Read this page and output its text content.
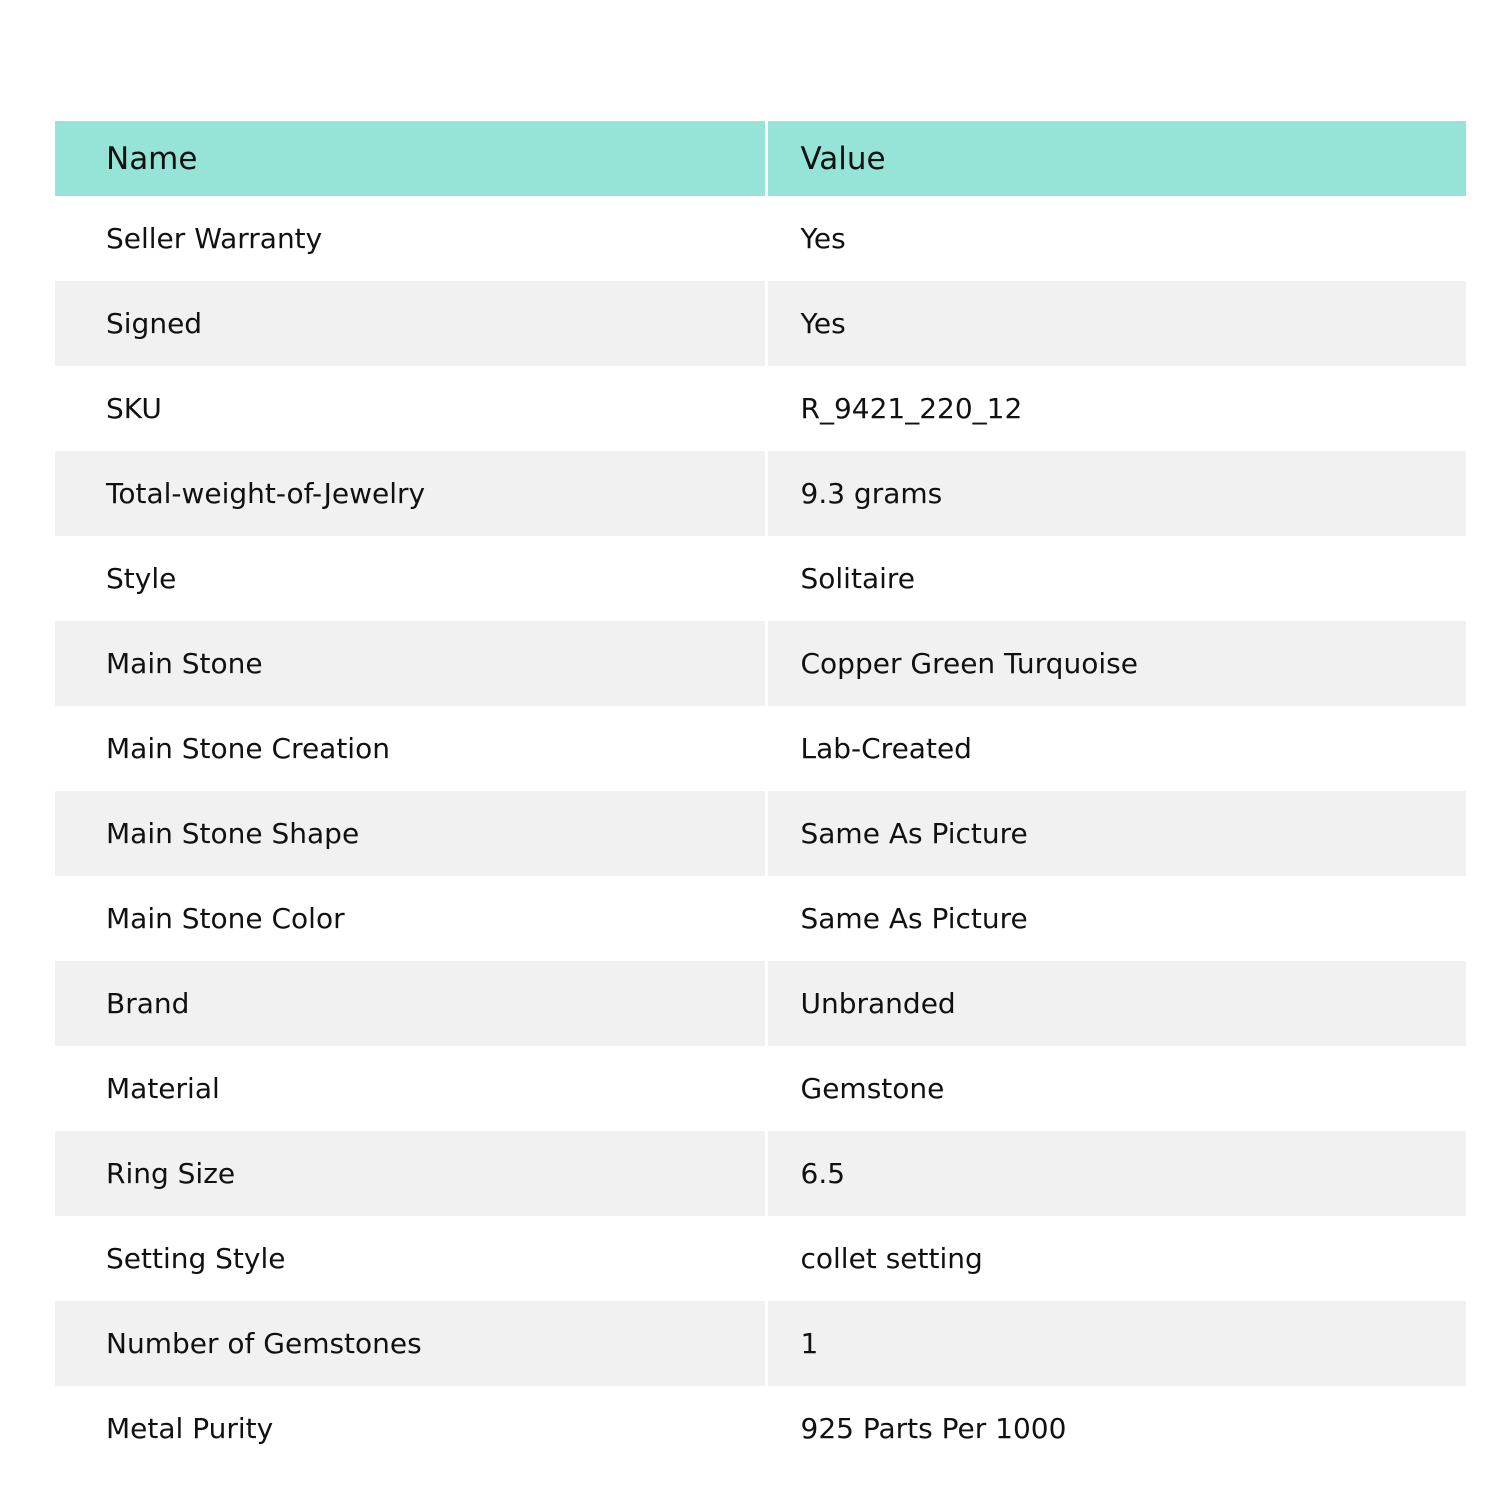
Name	Value
Seller Warranty	Yes
Signed	Yes
SKU	R_9421_220_12
Total-weight-of-Jewelry	9.3 grams
Style	Solitaire
Main Stone	Copper Green Turquoise
Main Stone Creation	Lab-Created
Main Stone Shape	Same As Picture
Main Stone Color	Same As Picture
Brand	Unbranded
Material	Gemstone
Ring Size	6.5
Setting Style	collet setting
Number of Gemstones	1
Metal Purity	925 Parts Per 1000
